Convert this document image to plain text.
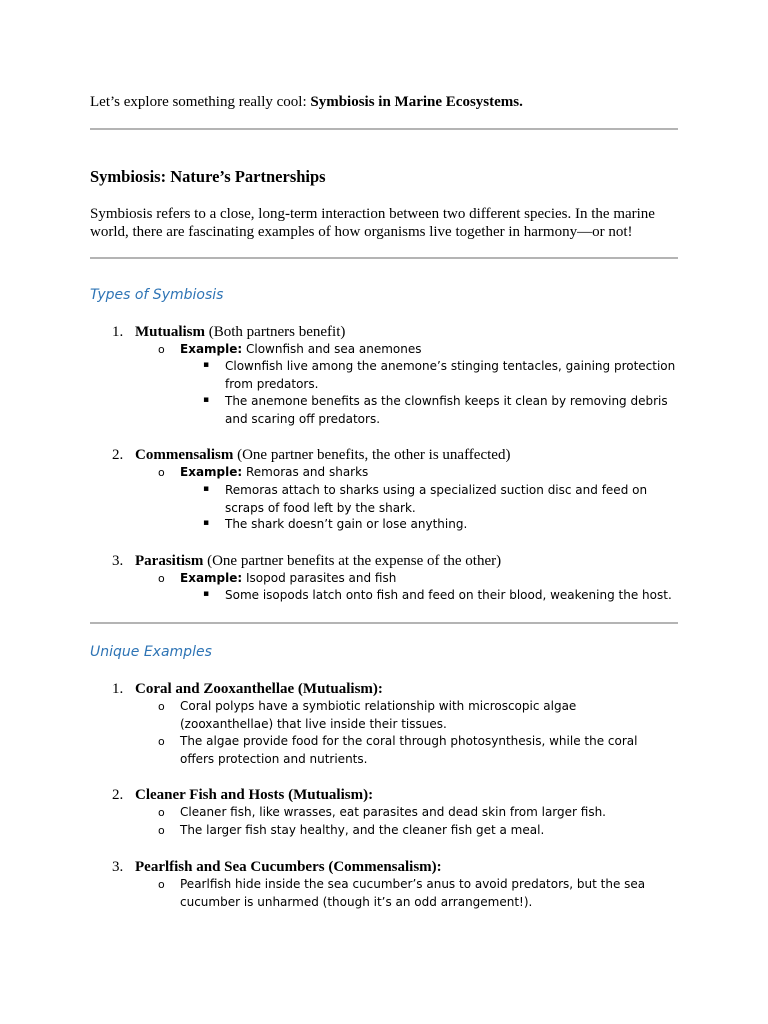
Let’s explore something really cool: Symbiosis in Marine Ecosystems.
Symbiosis: Nature’s Partnerships
Symbiosis refers to a close, long-term interaction between two different species. In the marine world, there are fascinating examples of how organisms live together in harmony—or not!
Types of Symbiosis
1. Mutualism (Both partners benefit)
o Example: Clownfish and sea anemones
▪ Clownfish live among the anemone’s stinging tentacles, gaining protection from predators.
▪ The anemone benefits as the clownfish keeps it clean by removing debris and scaring off predators.
2. Commensalism (One partner benefits, the other is unaffected)
o Example: Remoras and sharks
▪ Remoras attach to sharks using a specialized suction disc and feed on scraps of food left by the shark.
▪ The shark doesn’t gain or lose anything.
3. Parasitism (One partner benefits at the expense of the other)
o Example: Isopod parasites and fish
▪ Some isopods latch onto fish and feed on their blood, weakening the host.
Unique Examples
1. Coral and Zooxanthellae (Mutualism):
o Coral polyps have a symbiotic relationship with microscopic algae (zooxanthellae) that live inside their tissues.
o The algae provide food for the coral through photosynthesis, while the coral offers protection and nutrients.
2. Cleaner Fish and Hosts (Mutualism):
o Cleaner fish, like wrasses, eat parasites and dead skin from larger fish.
o The larger fish stay healthy, and the cleaner fish get a meal.
3. Pearlfish and Sea Cucumbers (Commensalism):
o Pearlfish hide inside the sea cucumber’s anus to avoid predators, but the sea cucumber is unharmed (though it’s an odd arrangement!).
